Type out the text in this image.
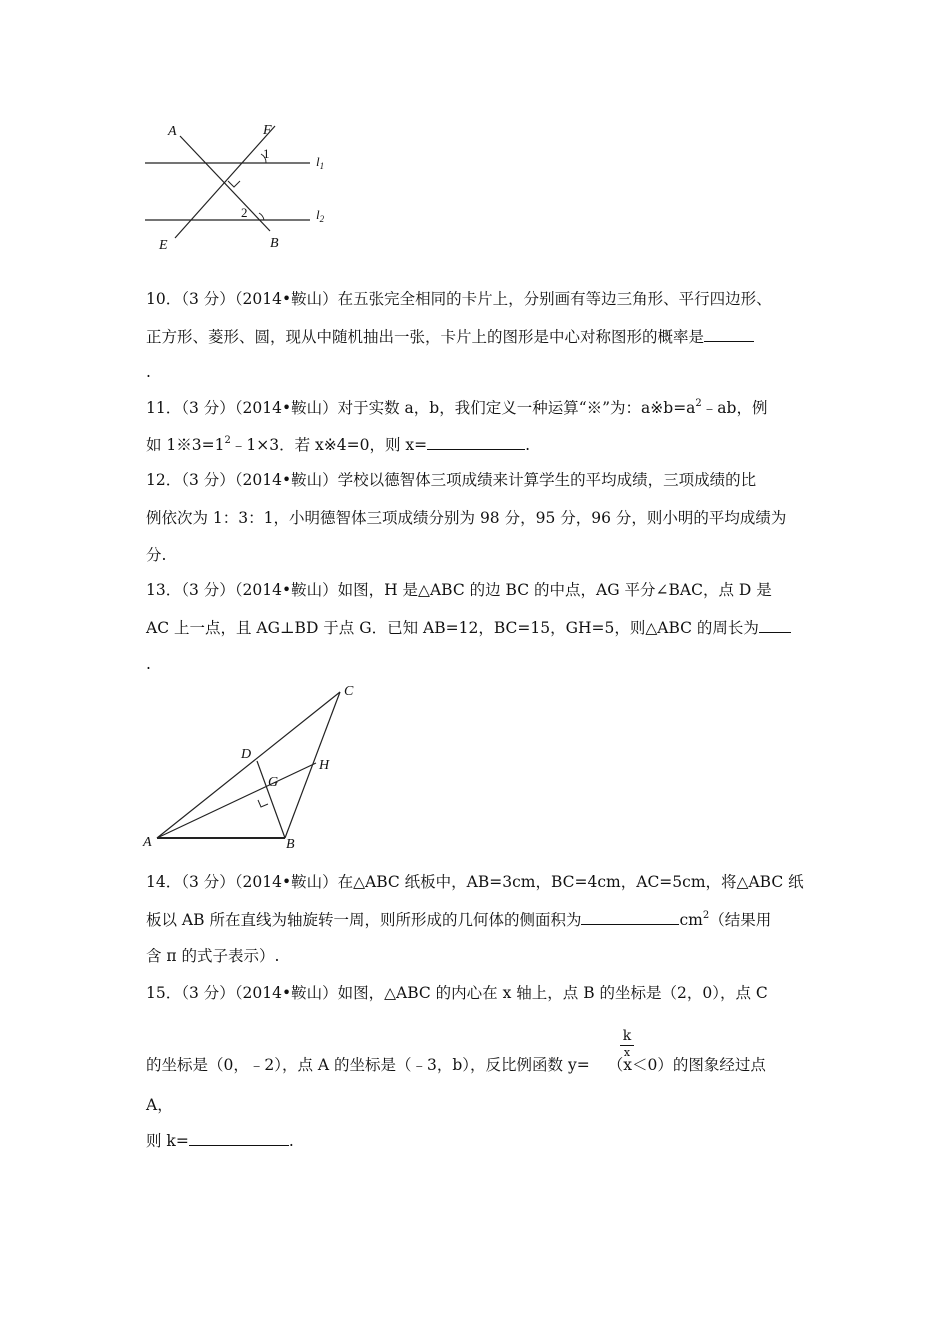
A	F
E	B
1
2
$l_1$
$l_2$
10．（3 分）（2014•鞍山）在五张完全相同的卡片上，分别画有等边三角形、平行四边形、
正方形、菱形、圆，现从中随机抽出一张，卡片上的图形是中心对称图形的概率是
.
11．（3 分）（2014•鞍山）对于实数 a，b，我们定义一种运算“※”为：$a※b=a^2﹣ab$，例
如 $1※3=1^2﹣1\times 3$．若 x※4=0，则 x=	.
12．（3 分）（2014•鞍山）学校以德智体三项成绩来计算学生的平均成绩，三项成绩的比
例依次为 1：3：1，小明德智体三项成绩分别为 98 分，95 分，96 分，则小明的平均成绩为
分.
13．（3 分）（2014•鞍山）如图，H 是△ABC 的边 BC 的中点，AG 平分∠BAC，点 D 是
AC 上一点，且 AG⊥BD 于点 G．已知 AB=12，BC=15，GH=5，则△ABC 的周长为
.
A	B
C
D
G
H
14．（3 分）（2014•鞍山）在△ABC 纸板中，AB=3cm，BC=4cm，AC=5cm，将△ABC 纸
板以 AB 所在直线为轴旋转一周，则所形成的几何体的侧面积为	$cm^2$（结果用
含 π 的式子表示）.
15．（3 分）（2014•鞍山）如图，△ABC 的内心在 x 轴上，点 B 的坐标是（2，0），点 C
k
x
的坐标是（0，﹣2），点 A 的坐标是（﹣3，b），反比例函数 y= （x＜0）的图象经过点
A，
则 k=	.
